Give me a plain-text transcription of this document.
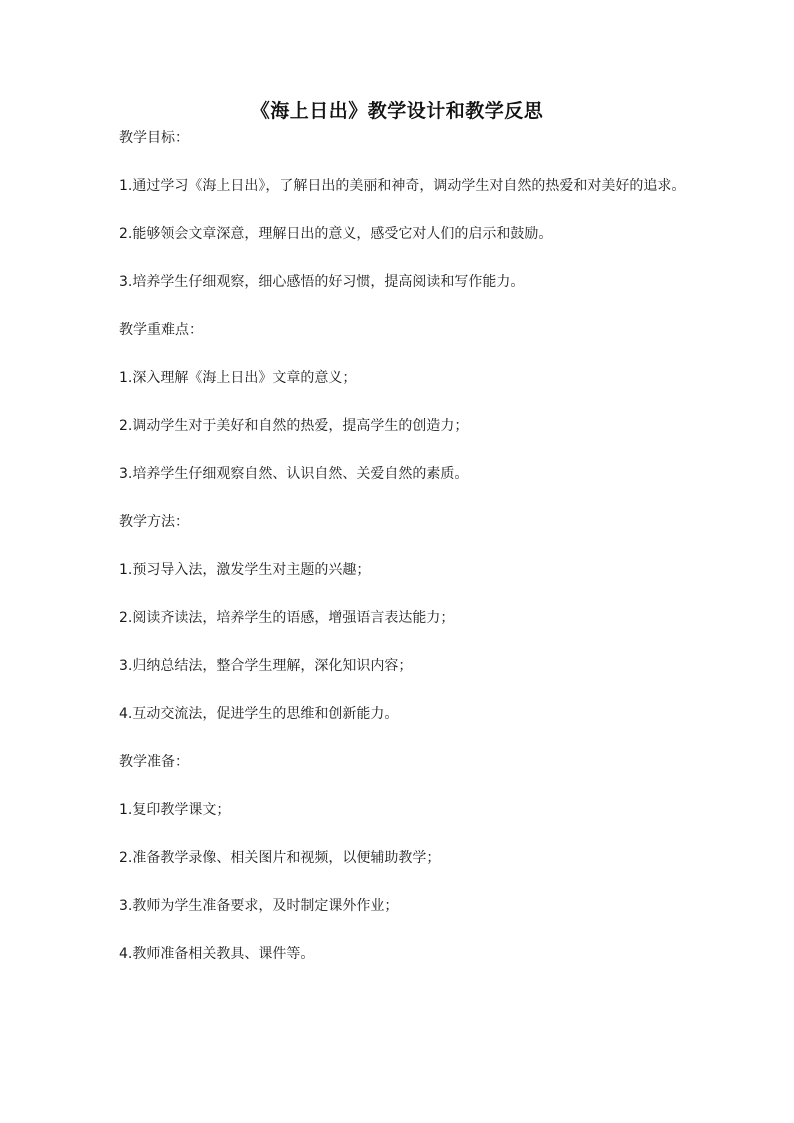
《海上日出》教学设计和教学反思

教学目标：

1.通过学习《海上日出》，了解日出的美丽和神奇，调动学生对自然的热爱和对美好的追求。

2.能够领会文章深意，理解日出的意义，感受它对人们的启示和鼓励。

3.培养学生仔细观察，细心感悟的好习惯，提高阅读和写作能力。

教学重难点：

1.深入理解《海上日出》文章的意义；

2.调动学生对于美好和自然的热爱，提高学生的创造力；

3.培养学生仔细观察自然、认识自然、关爱自然的素质。

教学方法：

1.预习导入法，激发学生对主题的兴趣；

2.阅读齐读法，培养学生的语感，增强语言表达能力；

3.归纳总结法，整合学生理解，深化知识内容；

4.互动交流法，促进学生的思维和创新能力。

教学准备：

1.复印教学课文；

2.准备教学录像、相关图片和视频，以便辅助教学；

3.教师为学生准备要求，及时制定课外作业；

4.教师准备相关教具、课件等。
